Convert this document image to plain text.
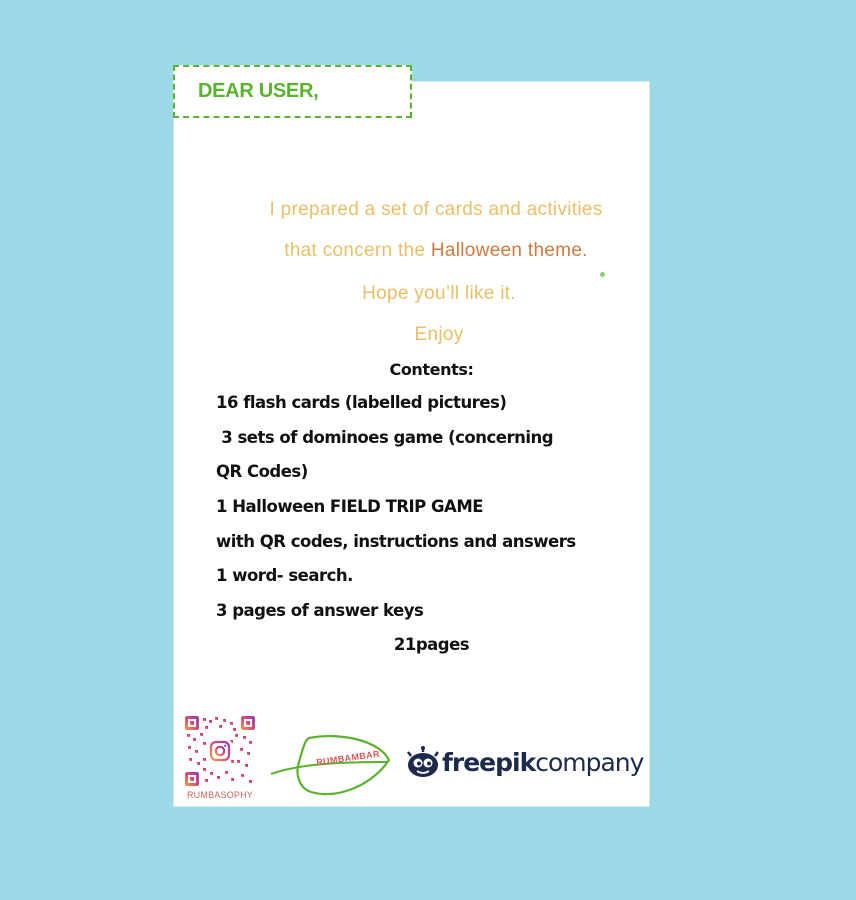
I prepared a set of cards and activities
that concern the Halloween theme.
Hope you’ll like it.
Enjoy
Contents:
16 flash cards (labelled pictures)
3 sets of dominoes game (concerning
QR Codes)
1 Halloween FIELD TRIP GAME
with QR codes, instructions and answers
1 word- search.
3 pages of answer keys
21pages
RUMBASOPHY
RUMBAMBAR freepikcompany
DEAR USER,
